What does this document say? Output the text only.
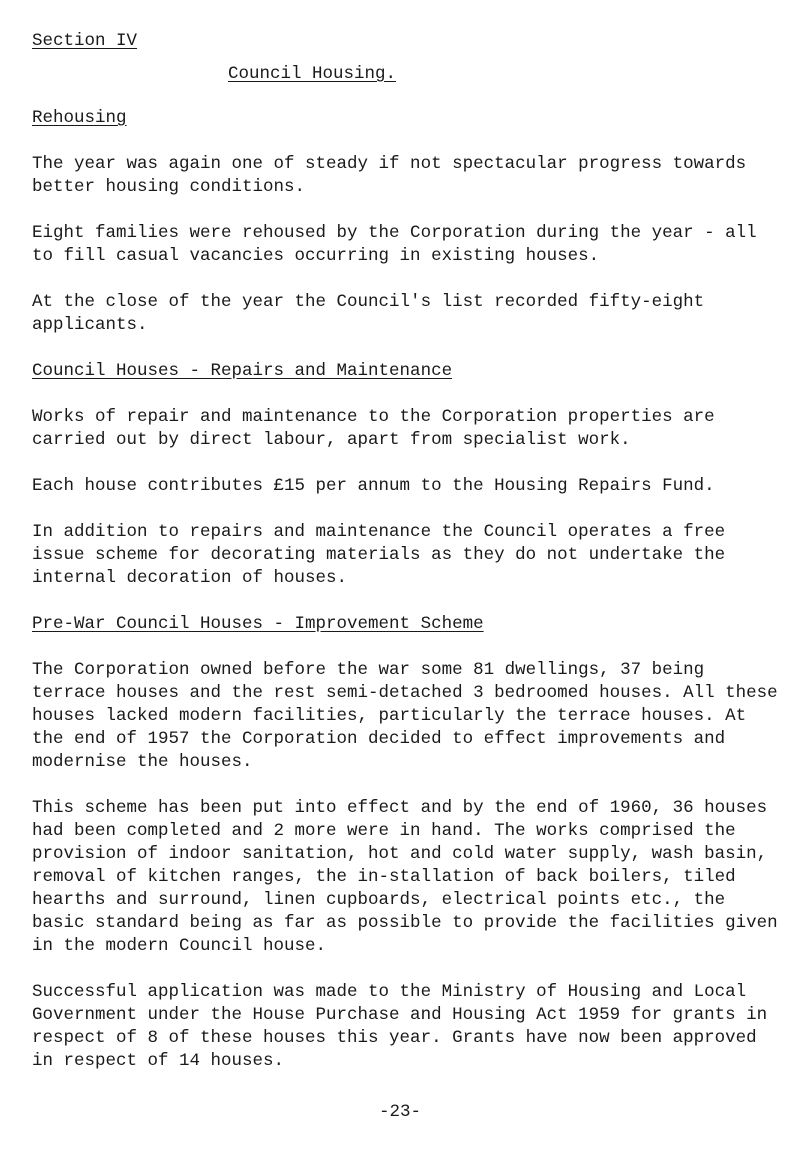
Section IV
Council Housing.
Rehousing

The year was again one of steady if not spectacular progress towards better housing conditions.

Eight families were rehoused by the Corporation during the year - all to fill casual vacancies occurring in existing houses.

At the close of the year the Council's list recorded fifty-eight applicants.

Council Houses - Repairs and Maintenance

Works of repair and maintenance to the Corporation properties are carried out by direct labour, apart from specialist work.

Each house contributes £15 per annum to the Housing Repairs Fund.

In addition to repairs and maintenance the Council operates a free issue scheme for decorating materials as they do not undertake the internal decoration of houses.

Pre-War Council Houses - Improvement Scheme

The Corporation owned before the war some 81 dwellings, 37 being terrace houses and the rest semi-detached 3 bedroomed houses. All these houses lacked modern facilities, particularly the terrace houses. At the end of 1957 the Corporation decided to effect improvements and modernise the houses.

This scheme has been put into effect and by the end of 1960, 36 houses had been completed and 2 more were in hand. The works comprised the provision of indoor sanitation, hot and cold water supply, wash basin, removal of kitchen ranges, the in-stallation of back boilers, tiled hearths and surround, linen cupboards, electrical points etc., the basic standard being as far as possible to provide the facilities given in the modern Council house.

Successful application was made to the Ministry of Housing and Local Government under the House Purchase and Housing Act 1959 for grants in respect of 8 of these houses this year. Grants have now been approved in respect of 14 houses.

-23-
